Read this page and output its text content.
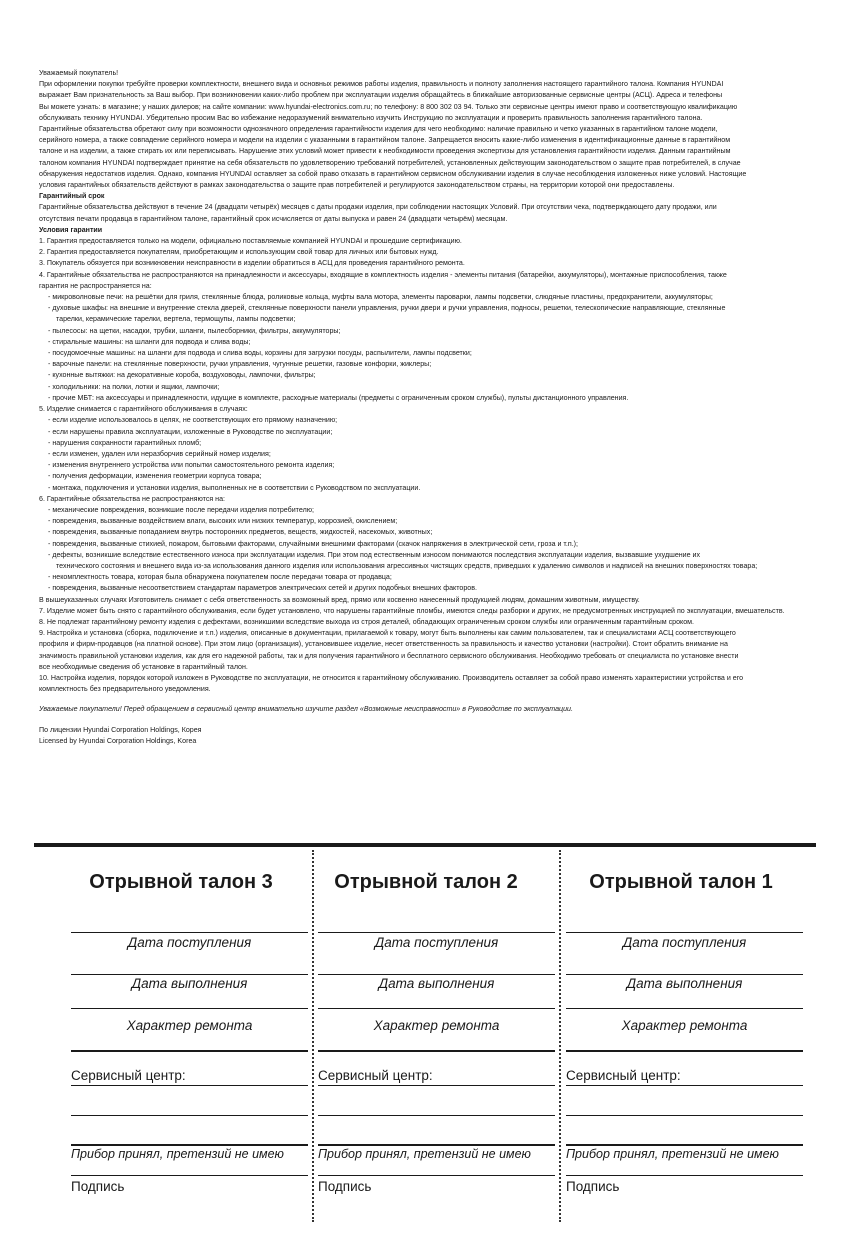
Уважаемый покупатель!

При оформлении покупки требуйте проверки комплектности, внешнего вида и основных режимов работы изделия, правильность и полноту заполнения настоящего гарантийного талона. Компания HYUNDAI

выражает Вам признательность за Ваш выбор. При возникновении каких-либо проблем при эксплуатации изделия обращайтесь в ближайшие авторизованные сервисные центры (АСЦ). Адреса и телефоны

Вы можете узнать: в магазине; у наших дилеров; на сайте компании: www.hyundai-electronics.com.ru; по телефону: 8 800 302 03 94. Только эти сервисные центры имеют право и соответствующую квалификацию

обслуживать технику HYUNDAI. Убедительно просим Вас во избежание недоразумений внимательно изучить Инструкцию по эксплуатации и проверить правильность заполнения гарантийного талона.

Гарантийные обязательства обретают силу при возможности однозначного определения гарантийности изделия для чего необходимо: наличие правильно и четко указанных в гарантийном талоне модели,

серийного номера, а также совпадение серийного номера и модели на изделии с указанными в гарантийном талоне. Запрещается вносить какие-либо изменения в идентификационные данные в гарантийном

талоне и на изделии, а также стирать их или переписывать. Нарушение этих условий может привести к необходимости проведения экспертизы для установления гарантийности изделия. Данным гарантийным

талоном компания HYUNDAI подтверждает принятие на себя обязательств по удовлетворению требований потребителей, установленных действующим законодательством о защите прав потребителей, в случае

обнаружения недостатков изделия. Однако, компания HYUNDAI оставляет за собой право отказать в гарантийном сервисном обслуживании изделия в случае несоблюдения изложенных ниже условий. Настоящие

условия гарантийных обязательств действуют в рамках законодательства о защите прав потребителей и регулируются законодательством страны, на территории которой они предоставлены.

Гарантийный срок

Гарантийные обязательства действуют в течение 24 (двадцати четырёх) месяцев с даты продажи изделия, при соблюдении настоящих Условий. При отсутствии чека, подтверждающего дату продажи, или

отсутствия печати продавца в гарантийном талоне, гарантийный срок исчисляется от даты выпуска и равен 24 (двадцати четырём) месяцам.

Условия гарантии

1. Гарантия предоставляется только на модели, официально поставляемые компанией HYUNDAI и прошедшие сертификацию.

2. Гарантия предоставляется покупателям, приобретающим и использующим свой товар для личных или бытовых нужд.

3. Покупатель обязуется при возникновении неисправности в изделии обратиться в АСЦ для проведения гарантийного ремонта.

4. Гарантийные обязательства не распространяются на принадлежности и аксессуары, входящие в комплектность изделия - элементы питания (батарейки, аккумуляторы), монтажные приспособления, также

гарантия не распространяется на:

- микроволновые печи: на решётки для гриля, стеклянные блюда, роликовые кольца, муфты вала мотора, элементы пароварки, лампы подсветки, слюдяные пластины, предохранители, аккумуляторы;

- духовые шкафы: на внешние и внутренние стекла дверей, стеклянные поверхности панели управления, ручки двери и ручки управления, подносы, решетки, телескопические направляющие, стеклянные

тарелки, керамические тарелки, вертела, термощупы, лампы подсветки;

- пылесосы: на щетки, насадки, трубки, шланги, пылесборники, фильтры, аккумуляторы;

- стиральные машины: на шланги для подвода и слива воды;

- посудомоечные машины: на шланги для подвода и слива воды, корзины для загрузки посуды, распылители, лампы подсветки;

- варочные панели: на стеклянные поверхности, ручки управления, чугунные решетки, газовые конфорки, жиклеры;

- кухонные вытяжки: на декоративные короба, воздуховоды, лампочки, фильтры;

- холодильники: на полки, лотки и ящики, лампочки;

- прочие МБТ: на аксессуары и принадлежности, идущие в комплекте, расходные материалы (предметы с ограниченным сроком службы), пульты дистанционного управления.

5. Изделие снимается с гарантийного обслуживания в случаях:

- если изделие использовалось в целях, не соответствующих его прямому назначению;

- если нарушены правила эксплуатации, изложенные в Руководстве по эксплуатации;

- нарушения сохранности гарантийных пломб;

- если изменен, удален или неразборчив серийный номер изделия;

- изменения внутреннего устройства или попытки самостоятельного ремонта изделия;

- получения деформации, изменения геометрии корпуса товара;

- монтажа, подключения и установки изделия, выполненных не в соответствии с Руководством по эксплуатации.

6. Гарантийные обязательства не распространяются на:

- механические повреждения, возникшие после передачи изделия потребителю;

- повреждения, вызванные воздействием влаги, высоких или низких температур, коррозией, окислением;

- повреждения, вызванные попаданием внутрь посторонних предметов, веществ, жидкостей, насекомых, животных;

- повреждения, вызванные стихией, пожаром, бытовыми факторами, случайными внешними факторами (скачок напряжения в электрической сети, гроза и т.п.);

- дефекты, возникшие вследствие естественного износа при эксплуатации изделия. При этом под естественным износом понимаются последствия эксплуатации изделия, вызвавшие ухудшение их

технического состояния и внешнего вида из-за использования данного изделия или использования агрессивных чистящих средств, приведших к удалению символов и надписей на внешних поверхностях товара;

- некомплектность товара, которая была обнаружена покупателем после передачи товара от продавца;

- повреждения, вызванные несоответствием стандартам параметров электрических сетей и других подобных внешних факторов.

В вышеуказанных случаях Изготовитель снимает с себя ответственность за возможный вред, прямо или косвенно нанесенный продукцией людям, домашним животным, имуществу.

7. Изделие может быть снято с гарантийного обслуживания, если будет установлено, что нарушены гарантийные пломбы, имеются следы разборки и других, не предусмотренных инструкцией по эксплуатации, вмешательств.

8. Не подлежат гарантийному ремонту изделия с дефектами, возникшими вследствие выхода из строя деталей, обладающих ограниченным сроком службы или ограниченным гарантийным сроком.

9. Настройка и установка (сборка, подключение и т.п.) изделия, описанные в документации, прилагаемой к товару, могут быть выполнены как самим пользователем, так и специалистами АСЦ соответствующего

профиля и фирм-продавцов (на платной основе). При этом лицо (организация), установившее изделие, несет ответственность за правильность и качество установки (настройки). Стоит обратить внимание на

значимость правильной установки изделия, как для его надежной работы, так и для получения гарантийного и бесплатного сервисного обслуживания. Необходимо требовать от специалиста по установке внести

все необходимые сведения об установке в гарантийный талон.

10. Настройка изделия, порядок которой изложен в Руководстве по эксплуатации, не относится к гарантийному обслуживанию. Производитель оставляет за собой право изменять характеристики устройства и его

комплектность без предварительного уведомления.

Уважаемые покупатели! Перед обращением в сервисный центр внимательно изучите раздел «Возможные неисправности» в Руководстве по эксплуатации.

По лицензии Hyundai Corporation Holdings, Корея

Licensed by Hyundai Corporation Holdings, Korea

Отрывной талон 3
Дата поступления
Дата выполнения
Характер ремонта
Сервисный центр:
Прибор принял, претензий не имею
Подпись
Отрывной талон 2
Дата поступления
Дата выполнения
Характер ремонта
Сервисный центр:
Прибор принял, претензий не имею
Подпись
Отрывной талон 1
Дата поступления
Дата выполнения
Характер ремонта
Сервисный центр:
Прибор принял, претензий не имею
Подпись
